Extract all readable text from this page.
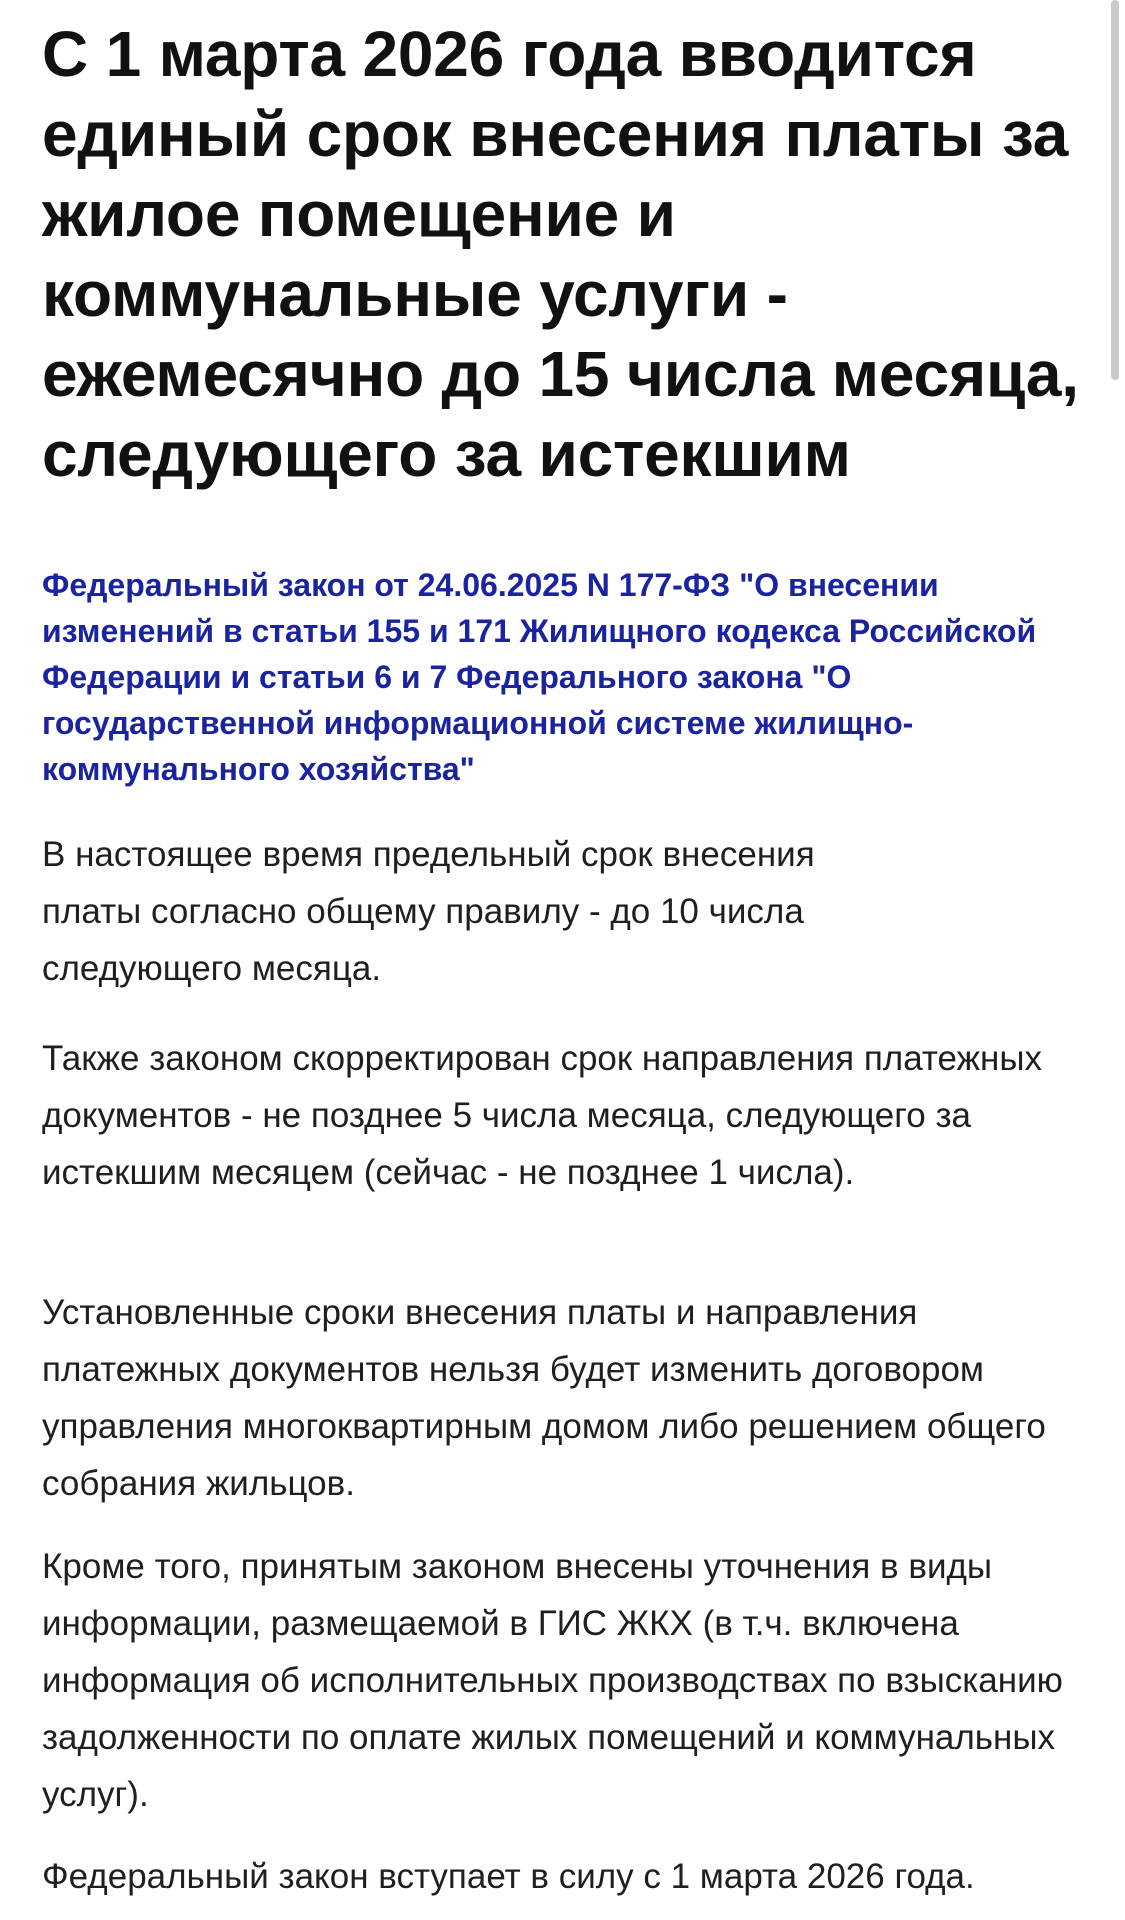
С 1 марта 2026 года вводится единый срок внесения платы за жилое помещение и коммунальные услуги - ежемесячно до 15 числа месяца, следующего за истекшим
Федеральный закон от 24.06.2025 N 177-ФЗ "О внесении изменений в статьи 155 и 171 Жилищного кодекса Российской Федерации и статьи 6 и 7 Федерального закона "О государственной информационной системе жилищно-коммунального хозяйства"

В настоящее время предельный срок внесения платы согласно общему правилу - до 10 числа следующего месяца.

Также законом скорректирован срок направления платежных документов - не позднее 5 числа месяца, следующего за истекшим месяцем (сейчас - не позднее 1 числа).

Установленные сроки внесения платы и направления платежных документов нельзя будет изменить договором управления многоквартирным домом либо решением общего собрания жильцов.

Кроме того, принятым законом внесены уточнения в виды информации, размещаемой в ГИС ЖКХ (в т.ч. включена информация об исполнительных производствах по взысканию задолженности по оплате жилых помещений и коммунальных услуг).

Федеральный закон вступает в силу с 1 марта 2026 года.
